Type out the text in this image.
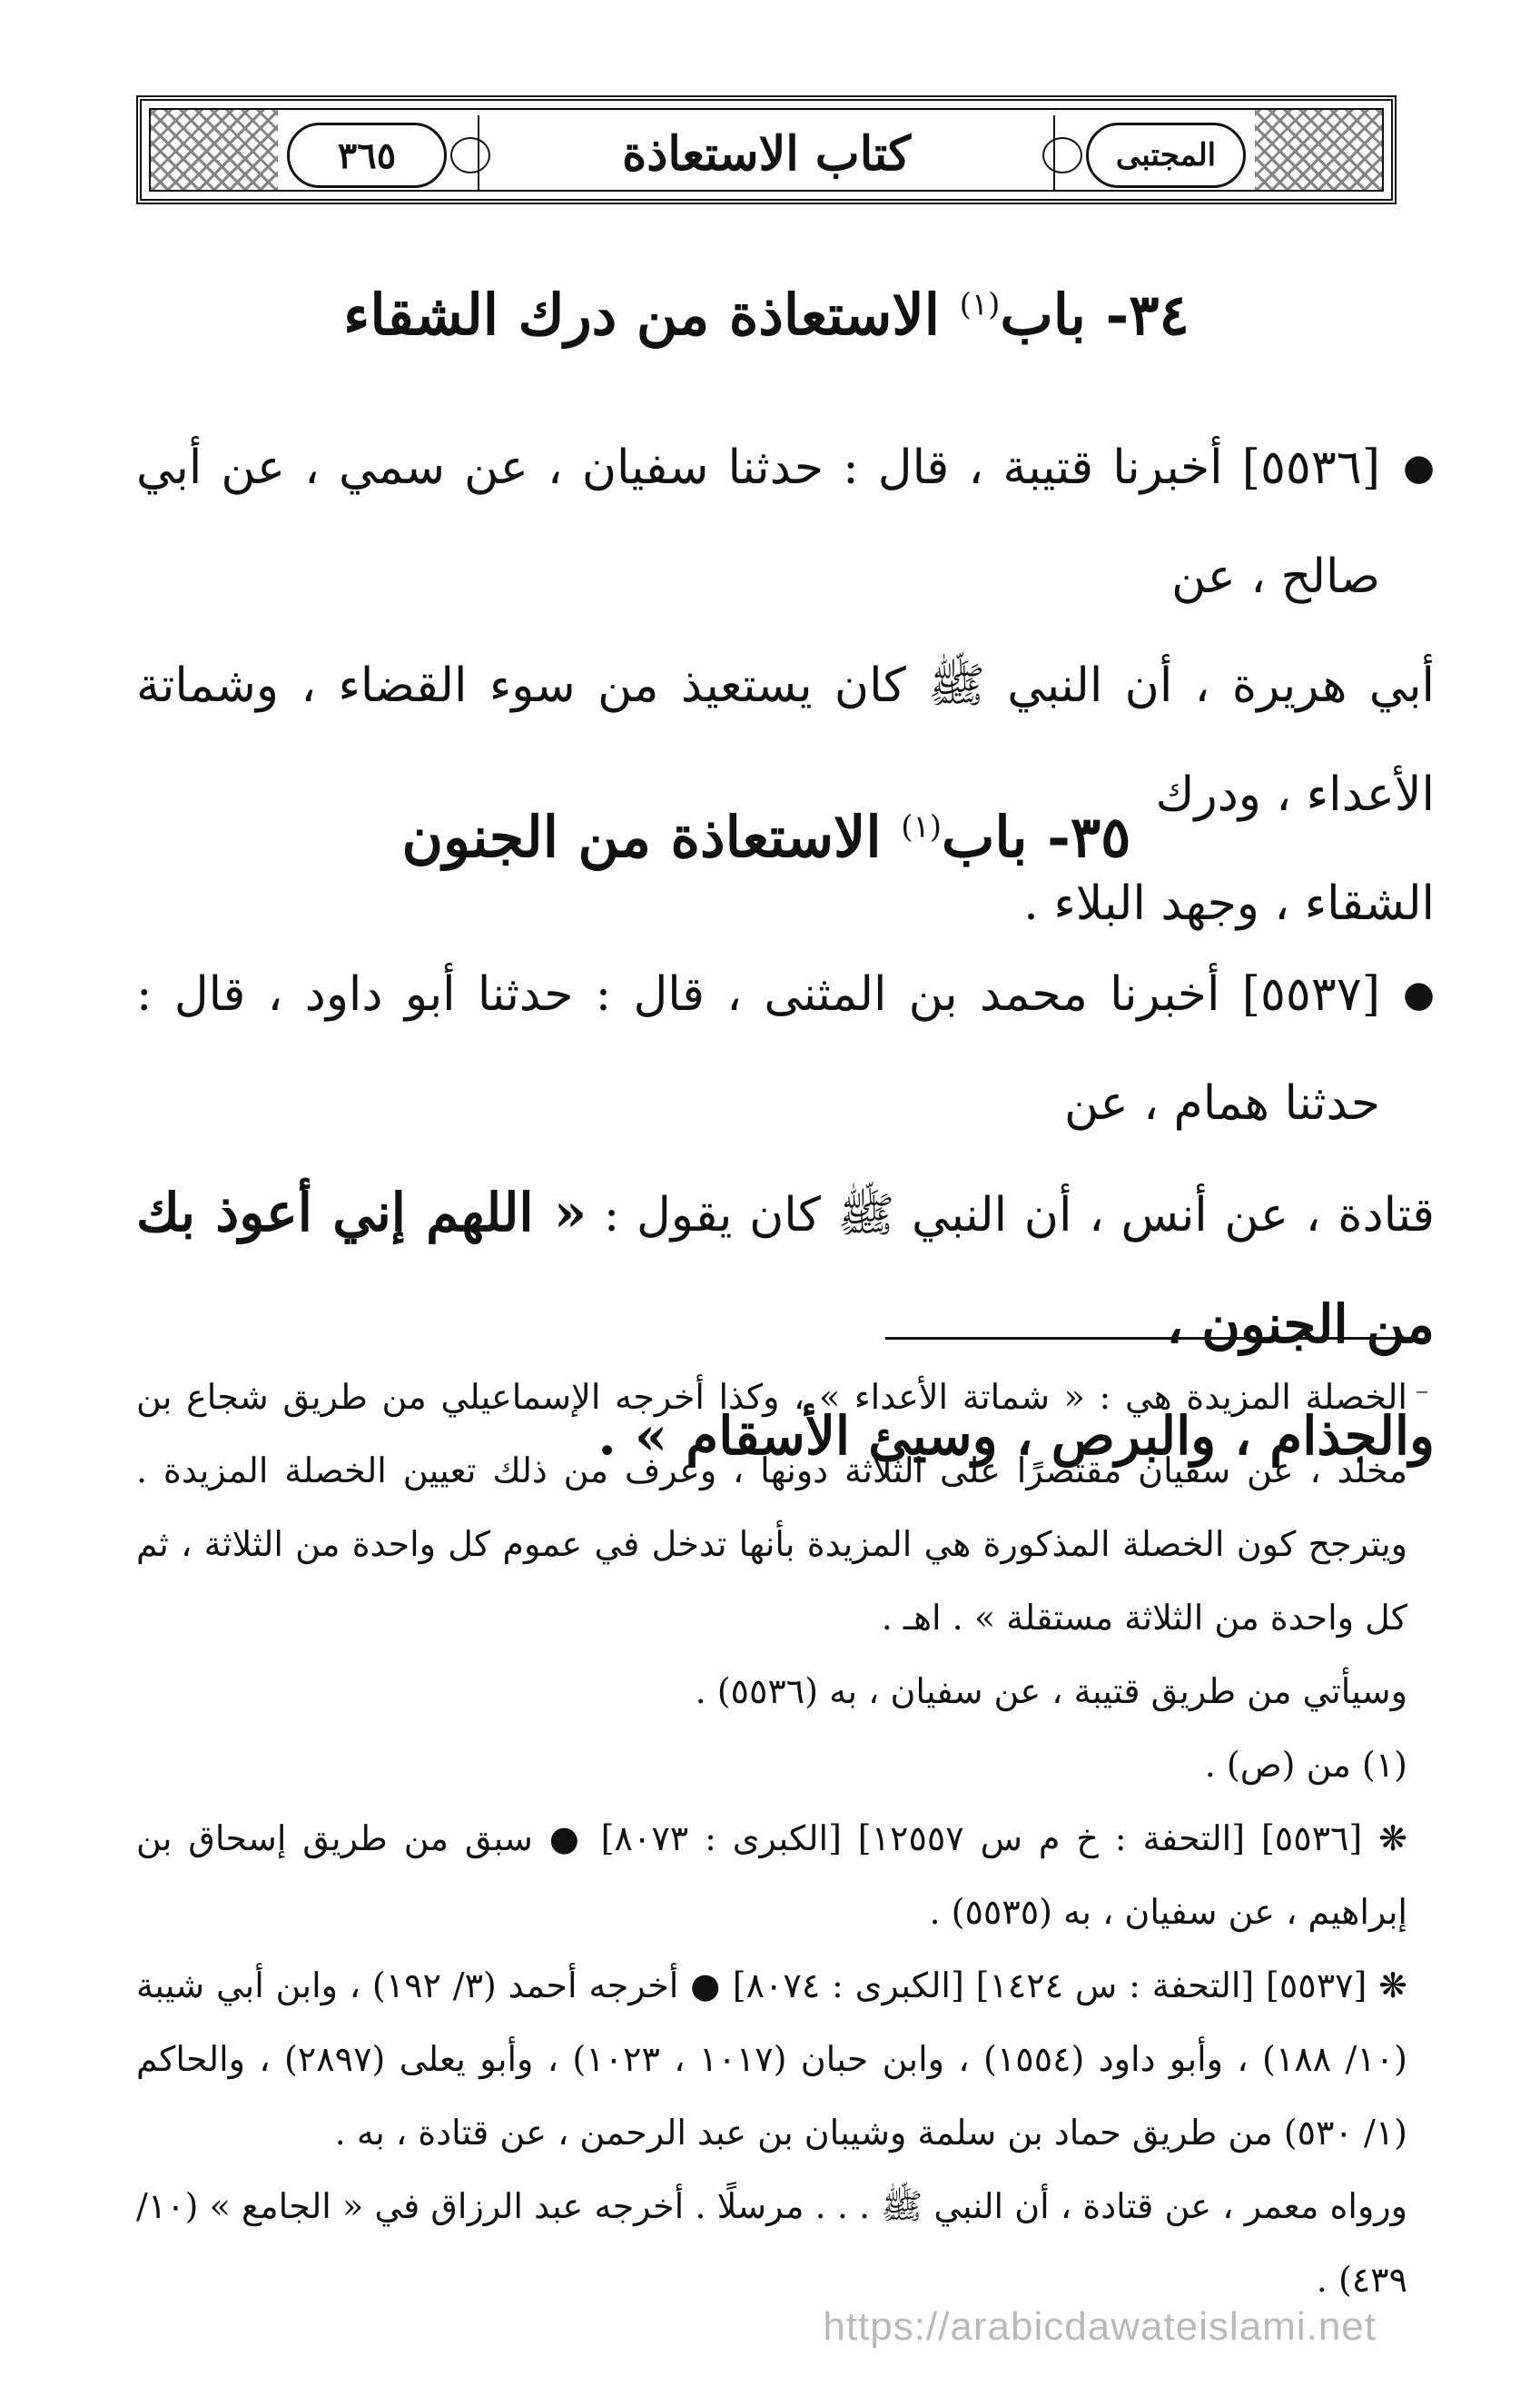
٣٦٥	كتاب الاستعاذة	المجتبى
٣٤- باب$^{(١)}$ الاستعاذة من درك الشقاء
●

[٥٥٣٦] أخبرنا قتيبة ، قال : حدثنا سفيان ، عن سمي ، عن أبي صالح ، عن

أبي هريرة ، أن النبي ﷺ كان يستعيذ من سوء القضاء ، وشماتة الأعداء ، ودرك

الشقاء ، وجهد البلاء .

٣٥- باب$^{(١)}$ الاستعاذة من الجنون
●

[٥٥٣٧] أخبرنا محمد بن المثنى ، قال : حدثنا أبو داود ، قال : حدثنا همام ، عن

قتادة ، عن أنس ، أن النبي ﷺ كان يقول : « اللهم إني أعوذ بك من الجنون ،

والجذام ، والبرص ، وسيئ الأسقام » .

⁻

الخصلة المزيدة هي : « شماتة الأعداء » ، وكذا أخرجه الإسماعيلي من طريق شجاع بن مخلد ، عن سفيان مقتصرًا على الثلاثة دونها ، وعرف من ذلك تعيين الخصلة المزيدة . ويترجح كون الخصلة المذكورة هي المزيدة بأنها تدخل في عموم كل واحدة من الثلاثة ، ثم كل واحدة من الثلاثة مستقلة » . اهـ .

وسيأتي من طريق قتيبة ، عن سفيان ، به (٥٥٣٦) .

(١) من (ص) .

❋ [٥٥٣٦] [التحفة : خ م س ١٢٥٥٧] [الكبرى : ٨٠٧٣] ● سبق من طريق إسحاق بن إبراهيم ، عن سفيان ، به (٥٥٣٥) .

❋ [٥٥٣٧] [التحفة : س ١٤٢٤] [الكبرى : ٨٠٧٤] ● أخرجه أحمد (٣/ ١٩٢) ، وابن أبي شيبة (١٠/ ١٨٨) ، وأبو داود (١٥٥٤) ، وابن حبان (١٠١٧ ، ١٠٢٣) ، وأبو يعلى (٢٨٩٧) ، والحاكم (١/ ٥٣٠) من طريق حماد بن سلمة وشيبان بن عبد الرحمن ، عن قتادة ، به .

ورواه معمر ، عن قتادة ، أن النبي ﷺ . . . مرسلًا . أخرجه عبد الرزاق في « الجامع » (١٠/ ٤٣٩) .

https://arabicdawateislami.net
